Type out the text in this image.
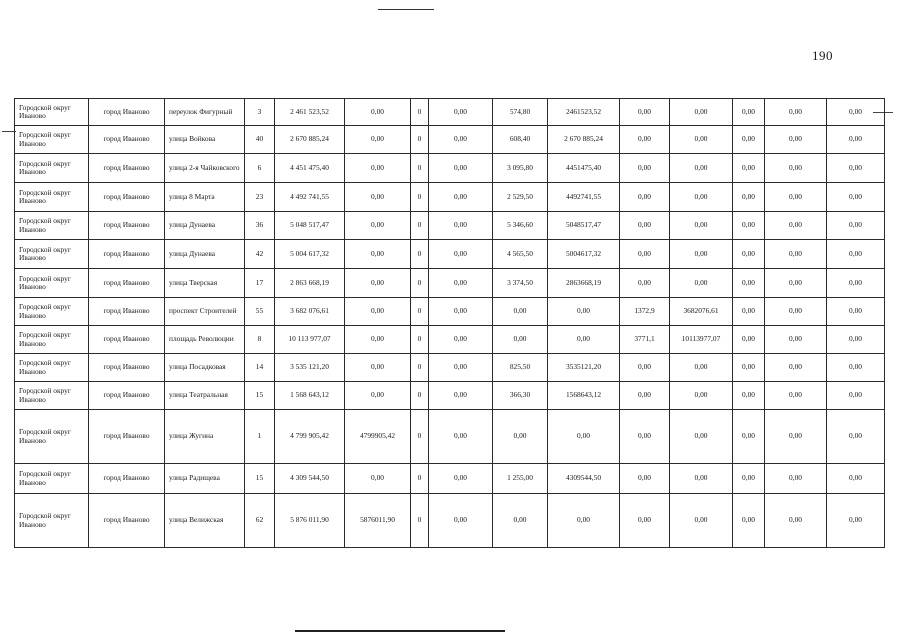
190
Городской округ Иваново	город Иваново	переулок Фигурный	3	2 461 523,52	0,00	0	0,00	574,80	2461523,52	0,00	0,00	0,00	0,00	0,00
Городской округ Иваново	город Иваново	улица Войкова	40	2 670 885,24	0,00	0	0,00	608,40	2 670 885,24	0,00	0,00	0,00	0,00	0,00
Городской округ Иваново	город Иваново	улица 2-я Чайковского	6	4 451 475,40	0,00	0	0,00	3 095,80	4451475,40	0,00	0,00	0,00	0,00	0,00
Городской округ Иваново	город Иваново	улица 8 Марта	23	4 492 741,55	0,00	0	0,00	2 529,50	4492741,55	0,00	0,00	0,00	0,00	0,00
Городской округ Иваново	город Иваново	улица Дунаева	36	5 048 517,47	0,00	0	0,00	5 346,60	5048517,47	0,00	0,00	0,00	0,00	0,00
Городской округ Иваново	город Иваново	улица Дунаева	42	5 004 617,32	0,00	0	0,00	4 565,50	5004617,32	0,00	0,00	0,00	0,00	0,00
Городской округ Иваново	город Иваново	улица Тверская	17	2 863 668,19	0,00	0	0,00	3 374,50	2863668,19	0,00	0,00	0,00	0,00	0,00
Городской округ Иваново	город Иваново	проспект Строителей	55	3 682 076,61	0,00	0	0,00	0,00	0,00	1372,9	3682076,61	0,00	0,00	0,00
Городской округ Иваново	город Иваново	площадь Революции	8	10 113 977,07	0,00	0	0,00	0,00	0,00	3771,1	10113977,07	0,00	0,00	0,00
Городской округ Иваново	город Иваново	улица Посадковая	14	3 535 121,20	0,00	0	0,00	825,50	3535121,20	0,00	0,00	0,00	0,00	0,00
Городской округ Иваново	город Иваново	улица Театральная	15	1 568 643,12	0,00	0	0,00	366,30	1568643,12	0,00	0,00	0,00	0,00	0,00
Городской округ Иваново	город Иваново	улица Жугина	1	4 799 905,42	4799905,42	0	0,00	0,00	0,00	0,00	0,00	0,00	0,00	0,00
Городской округ Иваново	город Иваново	улица Радищева	15	4 309 544,50	0,00	0	0,00	1 255,00	4309544,50	0,00	0,00	0,00	0,00	0,00
Городской округ Иваново	город Иваново	улица Велижская	62	5 876 011,90	5876011,90	0	0,00	0,00	0,00	0,00	0,00	0,00	0,00	0,00
